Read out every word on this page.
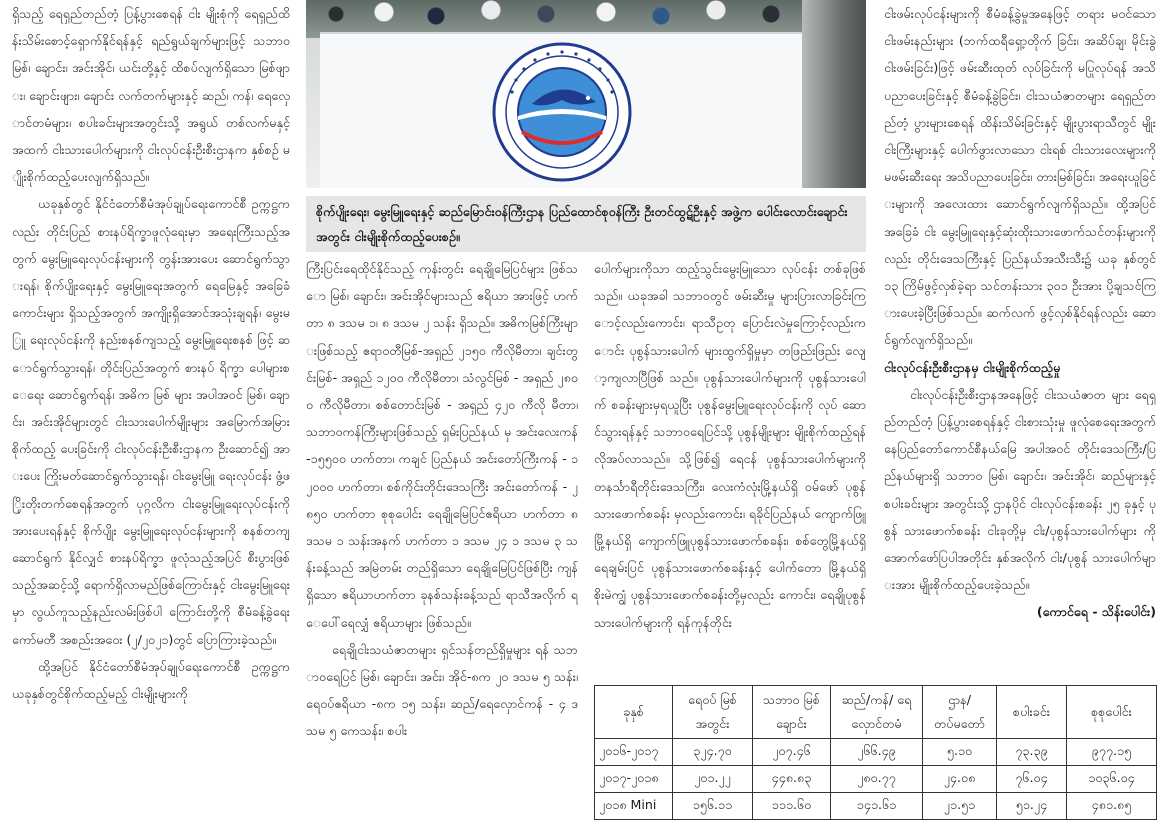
ရှိသည့် ရေရှည်တည်တံ့ ပြန့်ပွားစေရန် ငါး မျိုးစုံကို ရေရှည်ထိန်းသိမ်းစောင့်ရှောက်နိုင်ရန်နှင့် ရည်ရွယ်ချက်များဖြင့် သဘာဝ မြစ်၊ ချောင်း၊ အင်းအိုင်၊ ယင်းတို့နှင့် ထိစပ်လျက်ရှိသော မြစ်ဖျား၊ ချောင်းဖျား၊ ချောင်း လက်တက်များနှင့် ဆည်၊ ကန်၊ ရေလှောင်တမံများ၊ စပါးခင်းများအတွင်းသို့ အရွယ် တစ်လက်မနှင့် အထက် ငါးသားပေါက်များကို ငါးလုပ်ငန်းဦးစီးဌာနက နှစ်စဉ် မျိုးစိုက်ထည့်ပေးလျက်ရှိသည်။

ယခုနှစ်တွင် နိုင်ငံတော်စီမံအုပ်ချုပ်ရေးကောင်စီ ဥက္ကဋ္ဌကလည်း တိုင်းပြည် စားနပ်ရိက္ခာဖူလုံရေးမှာ အရေးကြီးသည့်အတွက် မွေးမြူရေးလုပ်ငန်းများကို တွန်းအားပေး ဆောင်ရွက်သွားရန်၊ စိုက်ပျိုးရေးနှင့် မွေးမြူရေးအတွက် ရေမြေနှင့် အခြေခံကောင်းများ ရှိသည့်အတွက် အကျိုးရှိအောင်အသုံးချရန်၊ မွေးမြူ ရေးလုပ်ငန်းကို နည်းစနစ်ကျသည့် မွေးမြူရေးစနစ် ဖြင့် ဆောင်ရွက်သွားရန်၊ တိုင်းပြည်အတွက် စားနပ် ရိက္ခာ ပေါများစေရေး ဆောင်ရွက်ရန်၊ အဓိက မြစ် များ အပါအဝင် မြစ်၊ ချောင်း၊ အင်းအိုင်များတွင် ငါးသားပေါက်မျိုးများ အမြောက်အမြား စိုက်ထည့် ပေးခြင်းကို ငါးလုပ်ငန်းဦးစီးဌာနက ဦးဆောင်၍ အားပေး ကြိုးမတ်ဆောင်ရွက်သွားရန်၊ ငါးမွေးမြူ ရေးလုပ်ငန်း ဖွံ့ဖြိုးတိုးတက်စေရန်အတွက် ပုဂ္ဂလိက ငါးမွေးမြူရေးလုပ်ငန်းကို အားပေးရန်နှင့် စိုက်ပျိုး မွေးမြူရေးလုပ်ငန်းများကို စနစ်တကျ ဆောင်ရွက် နိုင်လျှင် စားနပ်ရိက္ခာ ဖူလုံသည့်အပြင် စီးပွားဖြစ် သည့်အဆင့်သို့ ရောက်ရှိလာမည်ဖြစ်ကြောင်းနှင့် ငါးမွေးမြူရေးမှာ လွယ်ကူသည့်နည်းလမ်းဖြစ်ပါ ကြောင်းတို့ကို စီမံခန့်ခွဲရေးကော်မတီ အစည်းအဝေး (၂/၂၀၂၁)တွင် ပြောကြားခဲ့သည်။

ထို့အပြင် နိုင်ငံတော်စီမံအုပ်ချုပ်ရေးကောင်စီ ဥက္ကဋ္ဌက ယခုနှစ်တွင်စိုက်ထည့်မည့် ငါးမျိုးများကို

စိုက်ပျိုးရေး၊ မွေးမြူရေးနှင့် ဆည်မြောင်းဝန်ကြီးဌာန ပြည်ထောင်စုဝန်ကြီး ဦးတင်ထွဋ်ဦးနှင့် အဖွဲ့က ပေါင်းလောင်းချောင်းအတွင်း ငါးမျိုးစိုက်ထည့်ပေးစဉ်။

ကြီးပြင်းရေထိုင်နိုင်သည့် ကုန်းတွင်း ရေချိုမြေပြင်များ ဖြစ်သော မြစ်၊ ချောင်း၊ အင်းအိုင်များသည် ဧရိယာ အားဖြင့် ဟက်တာ ၈ ဒသမ ၁၊ ၈ ဒသမ ၂ သန်း ရှိသည်။ အဓိကမြစ်ကြီးများဖြစ်သည့် ဧရာဝတီမြစ်-အရှည် ၂၁၅၀ ကီလိုမီတာ၊ ချင်းတွင်းမြစ်- အရှည် ၁၂၀၀ ကီလိုမီတာ၊ သံလွင်မြစ် - အရှည် ၂၈၀၀ ကီလိုမီတာ၊ စစ်တောင်းမြစ် - အရှည် ၄၂၀ ကီလို မီတာ၊ သဘာဝကန်ကြီးများဖြစ်သည့် ရှမ်းပြည်နယ် မှ အင်းလေးကန်-၁၅၅၀၀ ဟက်တာ၊ ကချင် ပြည်နယ် အင်းတော်ကြီးကန် - ၁၂၀၀၀ ဟက်တာ၊ စစ်ကိုင်းတိုင်းဒေသကြီး အင်းတော်ကန် - ၂၈၅၀ ဟက်တာ စုစုပေါင်း ရေချိုမြေပြင်ဧရိယာ ဟက်တာ ၈ ဒသမ ၁ သန်းအနက် ဟက်တာ ၁ ဒသမ ၂၄ ၁ ဒသမ ၃ သန်းခန့်သည် အမြဲတမ်း တည်ရှိသော ရေချိုမြေပြင်ဖြစ်ပြီး ကျန်ရှိသော ဧရိယာဟက်တာ ခုနစ်သန်းခန့်သည် ရာသီအလိုက် ရေပေါ်ရေလျှံ ဧရိယာများ ဖြစ်သည်။

ရေချိုငါးသယံဇာတများ ရှင်သန်တည်ရှိမှုများ ရန် သဘာဝရေပြင် မြစ်၊ ချောင်း၊ အင်း၊ အိုင်-၈က ၂၀ ဒသမ ၅ သန်း၊ ရေဝပ်ဧရိယာ -၈က ၁၅ သန်း၊ ဆည်/ရေလှောင်ကန် - ၄ ဒသမ ၅ ကေသန်း၊ စပါး

ပေါက်များကိုသာ ထည့်သွင်းမွေးမြူသော လုပ်ငန်း တစ်ခုဖြစ်သည်။ ယခုအခါ သဘာဝတွင် ဖမ်းဆီးမှု များပြားလာခြင်းကြောင့်လည်းကောင်း၊ ရာသီဥတု ပြောင်းလဲမှုကြောင့်လည်းကောင်း ပုစွန်သားပေါက် များထွက်ရှိမှုမှာ တဖြည်းဖြည်း လျော့ကျလာပြီဖြစ် သည်။ ပုစွန်သားပေါက်များကို ပုစွန်သားပေါက် စခန်းများမှရယူပြီး ပုစွန်မွေးမြူရေးလုပ်ငန်းကို လုပ် ဆောင်သွားရန်နှင့် သဘာဝရေပြင်သို့ ပုစွန်မျိုးများ မျိုးစိုက်ထည့်ရန် လိုအပ်လာသည်။ သို့ဖြစ်၍ ရေငန် ပုစွန်သားပေါက်များကို တနင်္သာရီတိုင်းဒေသကြီး၊ လေးကံလုံးမြို့နယ်ရှိ ဝမ်ဖော် ပုစွန်သားဖောက်စခန်း မှလည်းကောင်း၊ ရခိုင်ပြည်နယ် ကျောက်ဖြူမြို့နယ်ရှိ ကျောက်ဖြူပုစွန်သားဖောက်စခန်း၊ စစ်တွေမြို့နယ်ရှိ ရေချမ်းပြင် ပုစွန်သားဖောက်စခန်းနှင့် ပေါက်တော မြို့နယ်ရှိ စိုးမဲကျွံ ပုစွန်သားဖောက်စခန်းတို့မှလည်း ကောင်း၊ ရေချိုပုစွန်သားပေါက်များကို ရန်ကုန်တိုင်း

ငါးဖမ်းလုပ်ငန်းများကို စီမံခန့်ခွဲမှုအနေဖြင့် တရား မဝင်သော ငါးဖမ်းနည်းများ (ဘက်ထရီရှော့တိုက် ခြင်း၊ အဆိပ်ချ၊ မိုင်းခွဲ ငါးဖမ်းခြင်း)ဖြင့် ဖမ်းဆီးထုတ် လုပ်ခြင်းကို မပြုလုပ်ရန် အသိပညာပေးခြင်းနှင့် စီမံခန့်ခွဲခြင်း၊ ငါးသယံဇာတများ ရေရှည်တည်တံ့ ပွားများစေရန် ထိန်းသိမ်းခြင်းနှင့် မျိုးပွားရာသီတွင် မျိုးငါးကြီးများနှင့် ပေါက်ဖွားလာသော ငါးရစ် ငါးသားလေးများကို မဖမ်းဆီးရေး အသိပညာပေးခြင်း၊ တားမြစ်ခြင်း၊ အရေးယူခြင်းများကို အလေးထား ဆောင်ရွက်လျက်ရှိသည်။ ထို့အပြင် အခြေခံ ငါး မွေးမြူရေးနှင့်ဆုံးထိုးသားဖောက်သင်တန်းများကို လည်း တိုင်းဒေသကြီးနှင့် ပြည်နယ်အသီးသီး၌ ယခု နှစ်တွင် ၁၃ ကြိမ်ဖွင့်လှစ်ခဲ့ရာ သင်တန်းသား ၃၀၁ ဦးအား ပို့ချသင်ကြားပေးခဲ့ပြီးဖြစ်သည်။ ဆက်လက် ဖွင့်လှစ်နိုင်ရန်လည်း ဆောင်ရွက်လျက်ရှိသည်။

ငါးလုပ်ငန်းဦးစီးဌာနမှ ငါးမျိုးစိုက်ထည့်မှု

ငါးလုပ်ငန်းဦးစီးဌာနအနေဖြင့် ငါးသယံဇာတ များ ရေရှည်တည်တံ့ ပြန့်ပွားစေရန်နှင့် ငါးစားသုံးမှု ဖူလုံစေရေးအတွက် နေပြည်တော်ကောင်စီနယ်မြေ အပါအဝင် တိုင်းဒေသကြီး/ပြည်နယ်များရှိ သဘာဝ မြစ်၊ ချောင်း၊ အင်းအိုင်၊ ဆည်များနှင့် စပါးခင်းများ အတွင်းသို့ ဌာနပိုင် ငါးလုပ်ငန်းစခန်း ၂၅ ခုနှင့် ပုစွန် သားဖောက်စခန်း ငါးခုတို့မှ ငါး/ပုစွန်သားပေါက်များ ကို အောက်ဖော်ပြပါအတိုင်း နှစ်အလိုက် ငါး/ပုစွန် သားပေါက်များအား မျိုးစိုက်ထည့်ပေးခဲ့သည်။

(ကောင်ရေ - သိန်းပေါင်း)

ခုနှစ်	ရေဝပ် မြစ်အတွင်း	သဘာဝ မြစ်ချောင်း	ဆည်/ကန်/ ရေလှောင်တမံ	ဌာန/ တပ်မတော်	စပါးခင်း	စုစုပေါင်း
၂၀၁၆-၂၀၁၇	၃၂၄.၇၀	၂၀၇.၄၆	၂၆၆.၄၉	၅.၁၀	၇၃.၃၉	၉၇၇.၁၅
၂၀၁၇-၂၀၁၈	၂၀၁.၂၂	၄၄၈.၈၃	၂၈၀.၇၇	၂၄.၀၈	၇၆.၀၄	၁၀၃၆.၀၄
၂၀၁၈ Mini	၁၅၆.၁၁	၁၁၁.၆၀	၁၄၁.၆၁	၂၁.၅၁	၅၁.၂၄	၄၈၁.၈၅
